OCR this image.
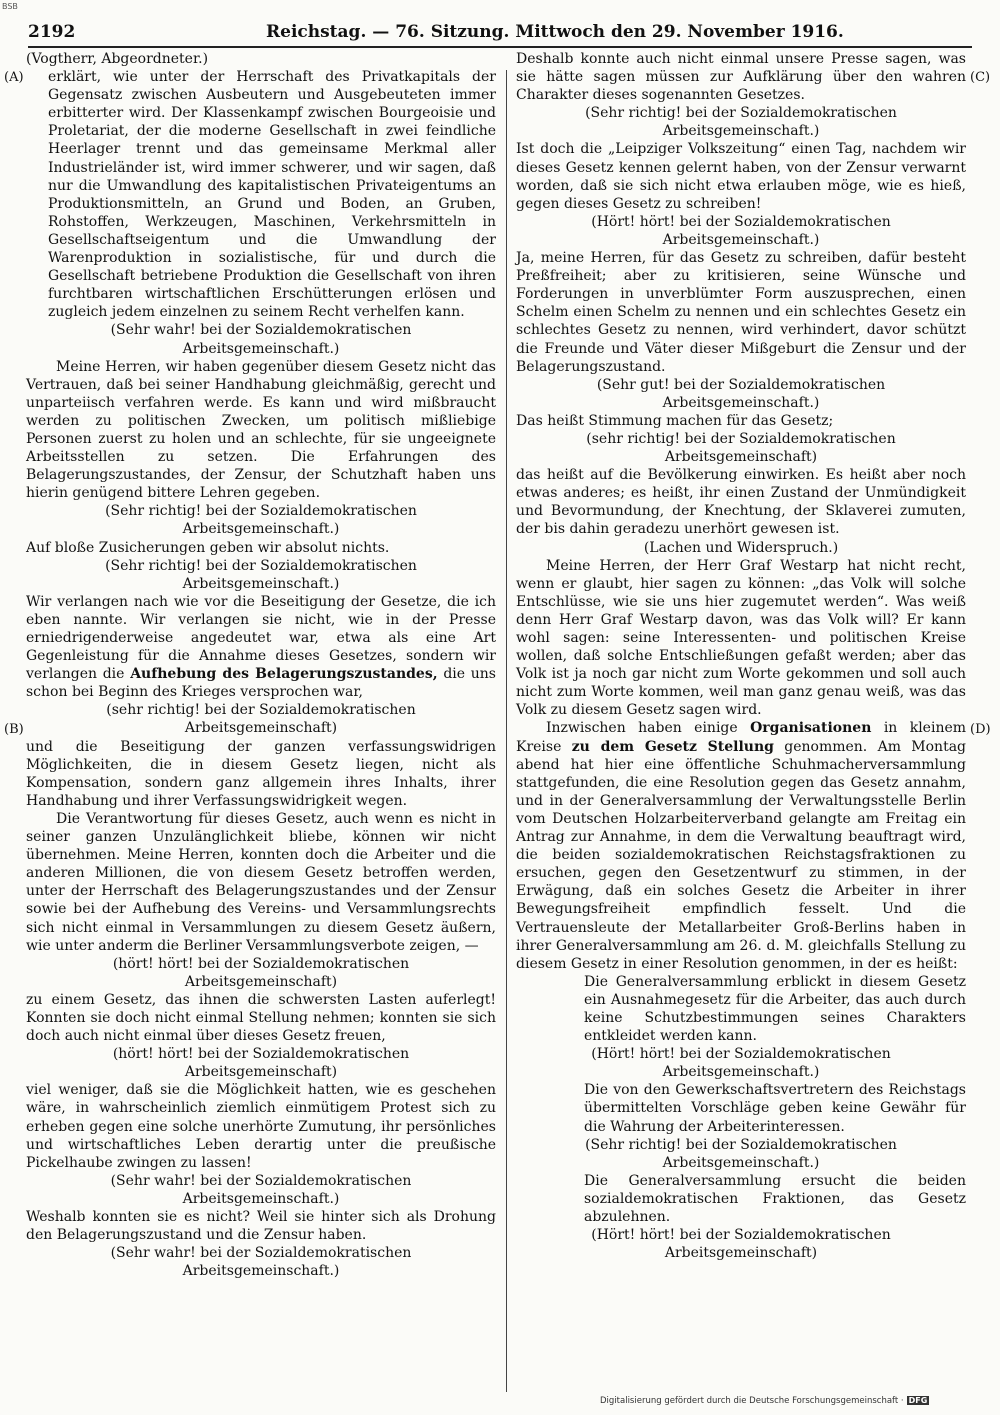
BSB
2192	Reichstag. — 76. Sitzung. Mittwoch den 29. November 1916.
(A)
(B)
(C)
(D)

(Vogtherr, Abgeordneter.)

erklärt, wie unter der Herrschaft des Privatkapitals der Gegensatz zwischen Ausbeutern und Ausgebeuteten immer erbitterter wird. Der Klassenkampf zwischen Bourgeoisie und Proletariat, der die moderne Gesellschaft in zwei feindliche Heerlager trennt und das gemeinsame Merkmal aller Industrieländer ist, wird immer schwerer, und wir sagen, daß nur die Umwandlung des kapitalistischen Privateigentums an Produktionsmitteln, an Grund und Boden, an Gruben, Rohstoffen, Werkzeugen, Maschinen, Verkehrsmitteln in Gesellschaftseigentum und die Umwandlung der Warenproduktion in sozialistische, für und durch die Gesellschaft betriebene Produktion die Gesellschaft von ihren furchtbaren wirtschaftlichen Erschütterungen erlösen und zugleich jedem einzelnen zu seinem Recht verhelfen kann.

(Sehr wahr! bei der Sozialdemokratischen Arbeitsgemeinschaft.)

Meine Herren, wir haben gegenüber diesem Gesetz nicht das Vertrauen, daß bei seiner Handhabung gleichmäßig, gerecht und unparteiisch verfahren werde. Es kann und wird mißbraucht werden zu politischen Zwecken, um politisch mißliebige Personen zuerst zu holen und an schlechte, für sie ungeeignete Arbeitsstellen zu setzen. Die Erfahrungen des Belagerungszustandes, der Zensur, der Schutzhaft haben uns hierin genügend bittere Lehren gegeben.

(Sehr richtig! bei der Sozialdemokratischen Arbeitsgemeinschaft.)

Auf bloße Zusicherungen geben wir absolut nichts.

(Sehr richtig! bei der Sozialdemokratischen Arbeitsgemeinschaft.)

Wir verlangen nach wie vor die Beseitigung der Gesetze, die ich eben nannte. Wir verlangen sie nicht, wie in der Presse erniedrigenderweise angedeutet war, etwa als eine Art Gegenleistung für die Annahme dieses Gesetzes, sondern wir verlangen die Aufhebung des Belagerungszustandes, die uns schon bei Beginn des Krieges versprochen war,

(sehr richtig! bei der Sozialdemokratischen Arbeitsgemeinschaft)

und die Beseitigung der ganzen verfassungswidrigen Möglichkeiten, die in diesem Gesetz liegen, nicht als Kompensation, sondern ganz allgemein ihres Inhalts, ihrer Handhabung und ihrer Verfassungswidrigkeit wegen.

Die Verantwortung für dieses Gesetz, auch wenn es nicht in seiner ganzen Unzulänglichkeit bliebe, können wir nicht übernehmen. Meine Herren, konnten doch die Arbeiter und die anderen Millionen, die von diesem Gesetz betroffen werden, unter der Herrschaft des Belagerungszustandes und der Zensur sowie bei der Aufhebung des Vereins- und Versammlungsrechts sich nicht einmal in Versammlungen zu diesem Gesetz äußern, wie unter anderm die Berliner Versammlungsverbote zeigen, —

(hört! hört! bei der Sozialdemokratischen Arbeitsgemeinschaft)

zu einem Gesetz, das ihnen die schwersten Lasten auferlegt! Konnten sie doch nicht einmal Stellung nehmen; konnten sie sich doch auch nicht einmal über dieses Gesetz freuen,

(hört! hört! bei der Sozialdemokratischen Arbeitsgemeinschaft)

viel weniger, daß sie die Möglichkeit hatten, wie es geschehen wäre, in wahrscheinlich ziemlich einmütigem Protest sich zu erheben gegen eine solche unerhörte Zumutung, ihr persönliches und wirtschaftliches Leben derartig unter die preußische Pickelhaube zwingen zu lassen!

(Sehr wahr! bei der Sozialdemokratischen Arbeitsgemeinschaft.)

Weshalb konnten sie es nicht? Weil sie hinter sich als Drohung den Belagerungszustand und die Zensur haben.

(Sehr wahr! bei der Sozialdemokratischen Arbeitsgemeinschaft.)

Deshalb konnte auch nicht einmal unsere Presse sagen, was sie hätte sagen müssen zur Aufklärung über den wahren Charakter dieses sogenannten Gesetzes.

(Sehr richtig! bei der Sozialdemokratischen Arbeitsgemeinschaft.)

Ist doch die „Leipziger Volkszeitung“ einen Tag, nachdem wir dieses Gesetz kennen gelernt haben, von der Zensur verwarnt worden, daß sie sich nicht etwa erlauben möge, wie es hieß, gegen dieses Gesetz zu schreiben!

(Hört! hört! bei der Sozialdemokratischen Arbeitsgemeinschaft.)

Ja, meine Herren, für das Gesetz zu schreiben, dafür besteht Preßfreiheit; aber zu kritisieren, seine Wünsche und Forderungen in unverblümter Form auszusprechen, einen Schelm einen Schelm zu nennen und ein schlechtes Gesetz ein schlechtes Gesetz zu nennen, wird verhindert, davor schützt die Freunde und Väter dieser Mißgeburt die Zensur und der Belagerungszustand.

(Sehr gut! bei der Sozialdemokratischen Arbeitsgemeinschaft.)

Das heißt Stimmung machen für das Gesetz;

(sehr richtig! bei der Sozialdemokratischen Arbeitsgemeinschaft)

das heißt auf die Bevölkerung einwirken. Es heißt aber noch etwas anderes; es heißt, ihr einen Zustand der Unmündigkeit und Bevormundung, der Knechtung, der Sklaverei zumuten, der bis dahin geradezu unerhört gewesen ist.

(Lachen und Widerspruch.)

Meine Herren, der Herr Graf Westarp hat nicht recht, wenn er glaubt, hier sagen zu können: „das Volk will solche Entschlüsse, wie sie uns hier zugemutet werden“. Was weiß denn Herr Graf Westarp davon, was das Volk will? Er kann wohl sagen: seine Interessenten- und politischen Kreise wollen, daß solche Entschließungen gefaßt werden; aber das Volk ist ja noch gar nicht zum Worte gekommen und soll auch nicht zum Worte kommen, weil man ganz genau weiß, was das Volk zu diesem Gesetz sagen wird.

Inzwischen haben einige Organisationen in kleinem Kreise zu dem Gesetz Stellung genommen. Am Montag abend hat hier eine öffentliche Schuhmacherversammlung stattgefunden, die eine Resolution gegen das Gesetz annahm, und in der Generalversammlung der Verwaltungsstelle Berlin vom Deutschen Holzarbeiterverband gelangte am Freitag ein Antrag zur Annahme, in dem die Verwaltung beauftragt wird, die beiden sozialdemokratischen Reichstagsfraktionen zu ersuchen, gegen den Gesetzentwurf zu stimmen, in der Erwägung, daß ein solches Gesetz die Arbeiter in ihrer Bewegungsfreiheit empfindlich fesselt. Und die Vertrauensleute der Metallarbeiter Groß-Berlins haben in ihrer Generalversammlung am 26. d. M. gleichfalls Stellung zu diesem Gesetz in einer Resolution genommen, in der es heißt:

Die Generalversammlung erblickt in diesem Gesetz ein Ausnahmegesetz für die Arbeiter, das auch durch keine Schutzbestimmungen seines Charakters entkleidet werden kann.

(Hört! hört! bei der Sozialdemokratischen Arbeitsgemeinschaft.)

Die von den Gewerkschaftsvertretern des Reichstags übermittelten Vorschläge geben keine Gewähr für die Wahrung der Arbeiterinteressen.

(Sehr richtig! bei der Sozialdemokratischen Arbeitsgemeinschaft.)

Die Generalversammlung ersucht die beiden sozialdemokratischen Fraktionen, das Gesetz abzulehnen.

(Hört! hört! bei der Sozialdemokratischen Arbeitsgemeinschaft)

Digitalisierung gefördert durch die Deutsche Forschungsgemeinschaft · DFG
